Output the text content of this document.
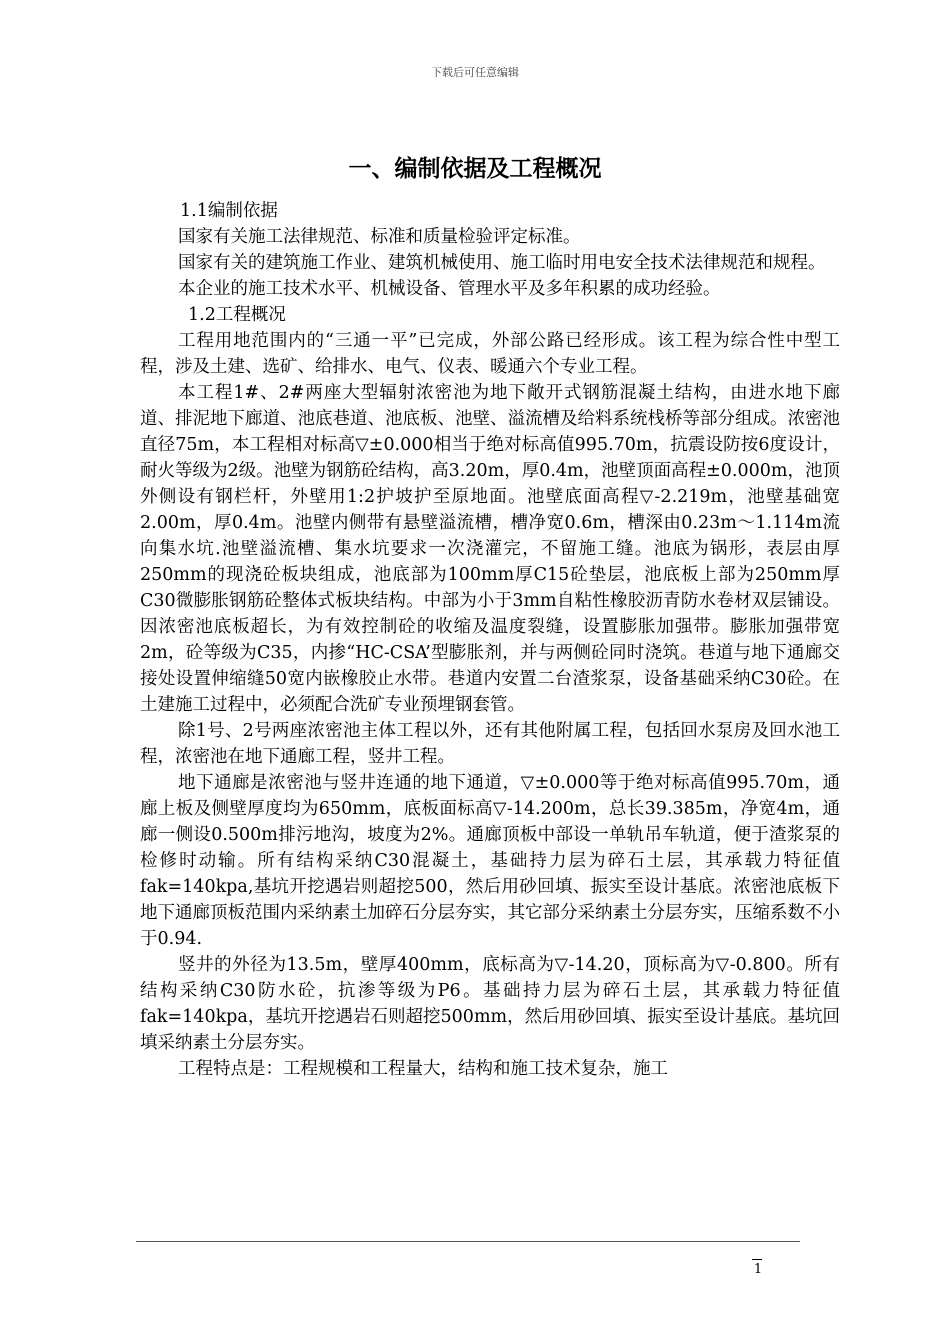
下载后可任意编辑
一、编制依据及工程概况

1.1编制依据

国家有关施工法律规范、标准和质量检验评定标准。

国家有关的建筑施工作业、建筑机械使用、施工临时用电安全技术法律规范和规程。

本企业的施工技术水平、机械设备、管理水平及多年积累的成功经验。

1.2工程概况

工程用地范围内的“三通一平”已完成，外部公路已经形成。该工程为综合性中型工程，涉及土建、选矿、给排水、电气、仪表、暖通六个专业工程。

本工程1#、2#两座大型辐射浓密池为地下敞开式钢筋混凝土结构，由进水地下廊道、排泥地下廊道、池底巷道、池底板、池壁、溢流槽及给料系统栈桥等部分组成。浓密池直径75m，本工程相对标高▽±0.000相当于绝对标高值995.70m，抗震设防按6度设计，耐火等级为2级。池壁为钢筋砼结构，高3.20m，厚0.4m，池壁顶面高程±0.000m，池顶外侧设有钢栏杆，外壁用1:2护坡护至原地面。池壁底面高程▽-2.219m，池壁基础宽2.00m，厚0.4m。池壁内侧带有悬壁溢流槽，槽净宽0.6m，槽深由0.23m～1.114m流向集水坑.池壁溢流槽、集水坑要求一次浇灌完，不留施工缝。池底为锅形，表层由厚250mm的现浇砼板块组成，池底部为100mm厚C15砼垫层，池底板上部为250mm厚C30微膨胀钢筋砼整体式板块结构。中部为小于3mm自粘性橡胶沥青防水卷材双层铺设。因浓密池底板超长，为有效控制砼的收缩及温度裂缝，设置膨胀加强带。膨胀加强带宽2m，砼等级为C35，内掺“HC-CSA’型膨胀剂，并与两侧砼同时浇筑。巷道与地下通廊交接处设置伸缩缝50宽内嵌橡胶止水带。巷道内安置二台渣浆泵，设备基础采纳C30砼。在土建施工过程中，必须配合洗矿专业预埋钢套管。

除1号、2号两座浓密池主体工程以外，还有其他附属工程，包括回水泵房及回水池工程，浓密池在地下通廊工程，竖井工程。

地下通廊是浓密池与竖井连通的地下通道，▽±0.000等于绝对标高值995.70m，通廊上板及侧壁厚度均为650mm，底板面标高▽-14.200m，总长39.385m，净宽4m，通廊一侧设0.500m排污地沟，坡度为2%。通廊顶板中部设一单轨吊车轨道，便于渣浆泵的检修时动输。所有结构采纳C30混凝土，基础持力层为碎石土层，其承载力特征值fak=140kpa,基坑开挖遇岩则超挖500，然后用砂回填、振实至设计基底。浓密池底板下地下通廊顶板范围内采纳素土加碎石分层夯实，其它部分采纳素土分层夯实，压缩系数不小于0.94.

竖井的外径为13.5m，壁厚400mm，底标高为▽-14.20，顶标高为▽-0.800。所有结构采纳C30防水砼，抗渗等级为P6。基础持力层为碎石土层，其承载力特征值fak=140kpa，基坑开挖遇岩石则超挖500mm，然后用砂回填、振实至设计基底。基坑回填采纳素土分层夯实。

工程特点是：工程规模和工程量大，结构和施工技术复杂，施工

1
